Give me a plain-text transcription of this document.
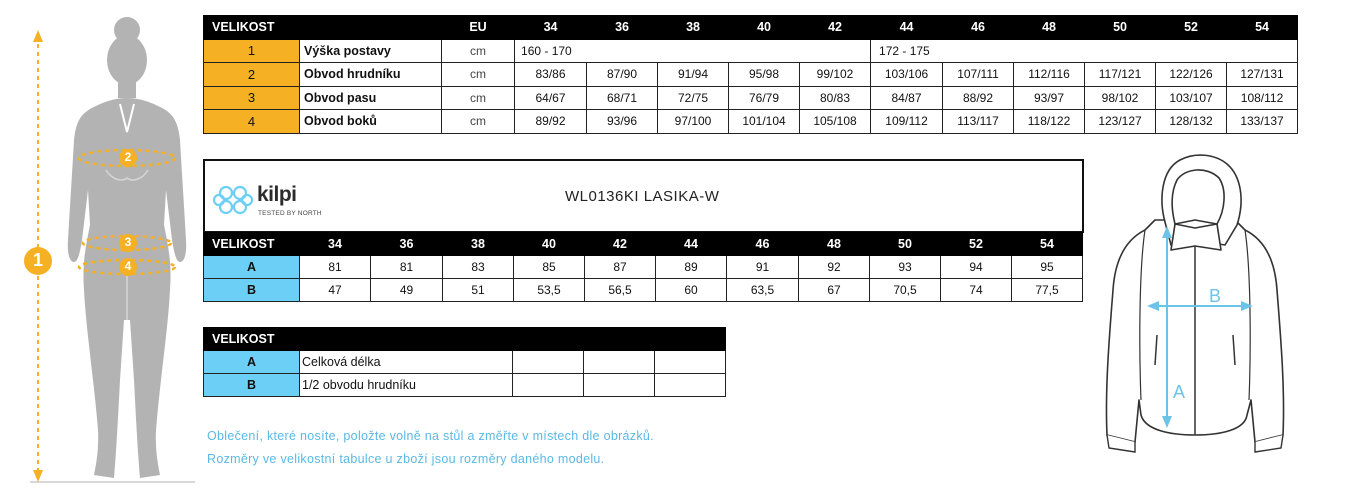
1
2
3
4
VELIKOST		EU	34	36	38	40	42	44	46	48	50	52	54
1	Výška postavy	cm	160 - 170					172 - 175					
2	Obvod hrudníku	cm	83/86	87/90	91/94	95/98	99/102	103/106	107/111	112/116	117/121	122/126	127/131
3	Obvod pasu	cm	64/67	68/71	72/75	76/79	80/83	84/87	88/92	93/97	98/102	103/107	108/112
4	Obvod boků	cm	89/92	93/96	97/100	101/104	105/108	109/112	113/117	118/122	123/127	128/132	133/137
kilpi
TESTED BY NORTH
WL0136KI LASIKA-W
VELIKOST	34	36	38	40	42	44	46	48	50	52	54
A	81	81	83	85	87	89	91	92	93	94	95
B	47	49	51	53,5	56,5	60	63,5	67	70,5	74	77,5
VELIKOST				
A	Celková délka			
B	1/2 obvodu hrudníku			
Oblečení, které nosíte, položte volně na stůl a změřte v místech dle obrázků.
Rozměry ve velikostní tabulce u zboží jsou rozměry daného modelu.
A
B
